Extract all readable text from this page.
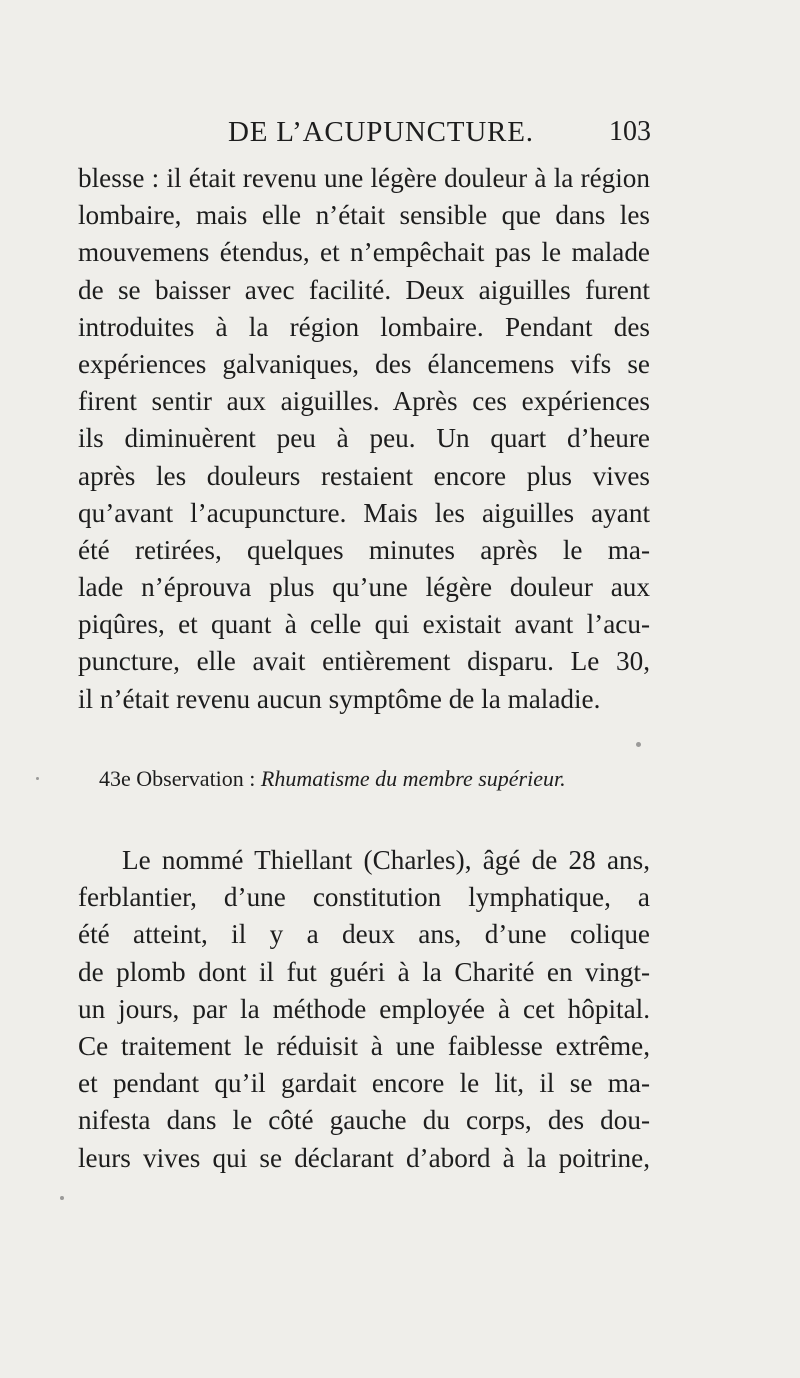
DE L’ACUPUNCTURE.	103
blesse : il était revenu une légère douleur à la région
lombaire, mais elle n’était sensible que dans les
mouvemens étendus, et n’empêchait pas le malade
de se baisser avec facilité. Deux aiguilles furent
introduites à la région lombaire. Pendant des
expériences galvaniques, des élancemens vifs se
firent sentir aux aiguilles. Après ces expériences
ils diminuèrent peu à peu. Un quart d’heure
après les douleurs restaient encore plus vives
qu’avant l’acupuncture. Mais les aiguilles ayant
été retirées, quelques minutes après le ma-
lade n’éprouva plus qu’une légère douleur aux
piqûres, et quant à celle qui existait avant l’acu-
puncture, elle avait entièrement disparu. Le 30,
il n’était revenu aucun symptôme de la maladie.
43e Observation : Rhumatisme du membre supérieur.
Le nommé Thiellant (Charles), âgé de 28 ans,
ferblantier, d’une constitution lymphatique, a
été atteint, il y a deux ans, d’une colique
de plomb dont il fut guéri à la Charité en vingt-
un jours, par la méthode employée à cet hôpital.
Ce traitement le réduisit à une faiblesse extrême,
et pendant qu’il gardait encore le lit, il se ma-
nifesta dans le côté gauche du corps, des dou-
leurs vives qui se déclarant d’abord à la poitrine,
